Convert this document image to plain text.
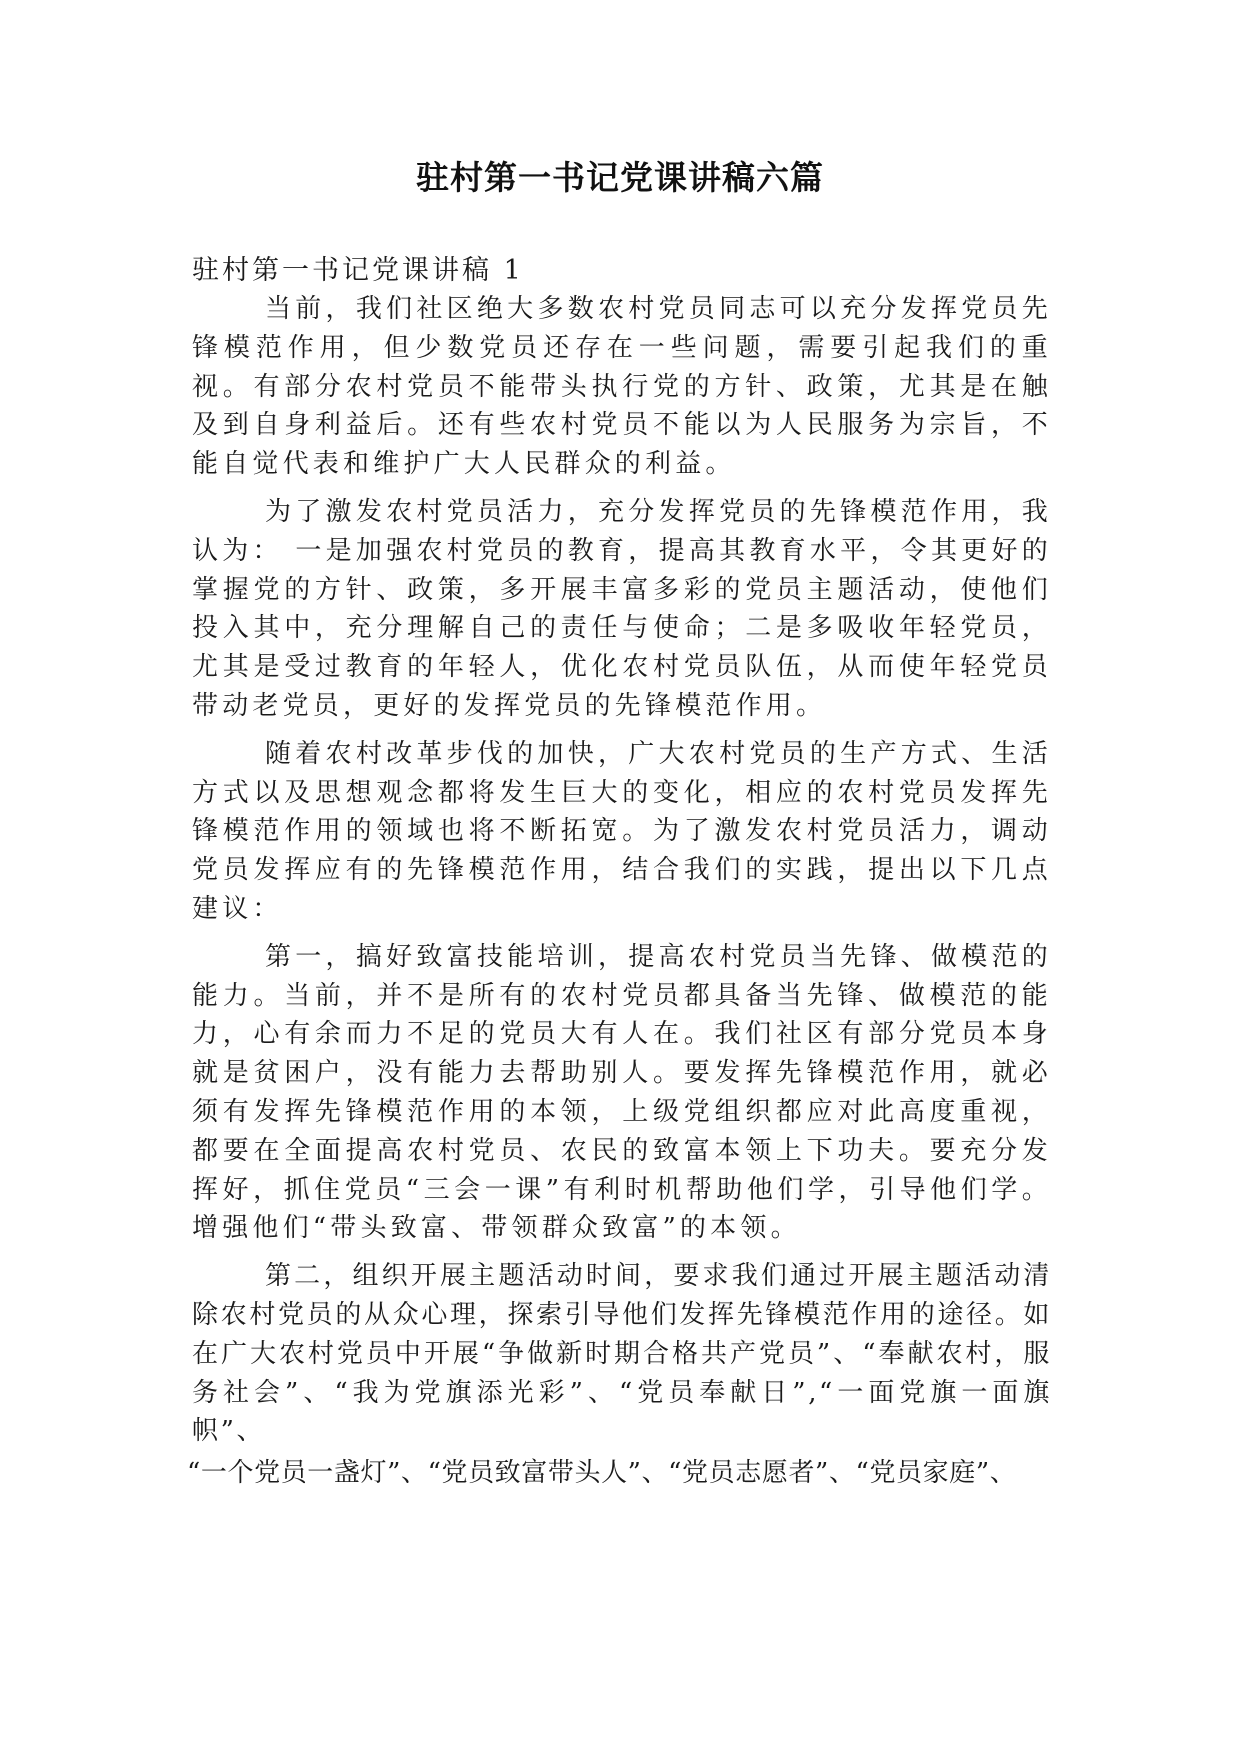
驻村第一书记党课讲稿六篇

驻村第一书记党课讲稿 1

当前，我们社区绝大多数农村党员同志可以充分发挥党员先锋模范作用，但少数党员还存在一些问题，需要引起我们的重视。有部分农村党员不能带头执行党的方针、政策，尤其是在触及到自身利益后。还有些农村党员不能以为人民服务为宗旨，不能自觉代表和维护广大人民群众的利益。

为了激发农村党员活力，充分发挥党员的先锋模范作用，我认为： 一是加强农村党员的教育，提高其教育水平，令其更好的掌握党的方针、政策，多开展丰富多彩的党员主题活动，使他们投入其中，充分理解自己的责任与使命；二是多吸收年轻党员，尤其是受过教育的年轻人，优化农村党员队伍，从而使年轻党员带动老党员，更好的发挥党员的先锋模范作用。

随着农村改革步伐的加快，广大农村党员的生产方式、生活方式以及思想观念都将发生巨大的变化，相应的农村党员发挥先锋模范作用的领域也将不断拓宽。为了激发农村党员活力，调动党员发挥应有的先锋模范作用，结合我们的实践，提出以下几点建议：

第一，搞好致富技能培训，提高农村党员当先锋、做模范的能力。当前，并不是所有的农村党员都具备当先锋、做模范的能力，心有余而力不足的党员大有人在。我们社区有部分党员本身就是贫困户，没有能力去帮助别人。要发挥先锋模范作用，就必须有发挥先锋模范作用的本领，上级党组织都应对此高度重视，都要在全面提高农村党员、农民的致富本领上下功夫。要充分发挥好，抓住党员“三会一课”有利时机帮助他们学，引导他们学。增强他们“带头致富、带领群众致富”的本领。

第二，组织开展主题活动时间，要求我们通过开展主题活动清除农村党员的从众心理，探索引导他们发挥先锋模范作用的途径。如在广大农村党员中开展“争做新时期合格共产党员”、“奉献农村，服务社会”、“我为党旗添光彩”、“党员奉献日”,“一面党旗一面旗帜”、

“一个党员一盏灯”、“党员致富带头人”、“党员志愿者”、“党员家庭”、
